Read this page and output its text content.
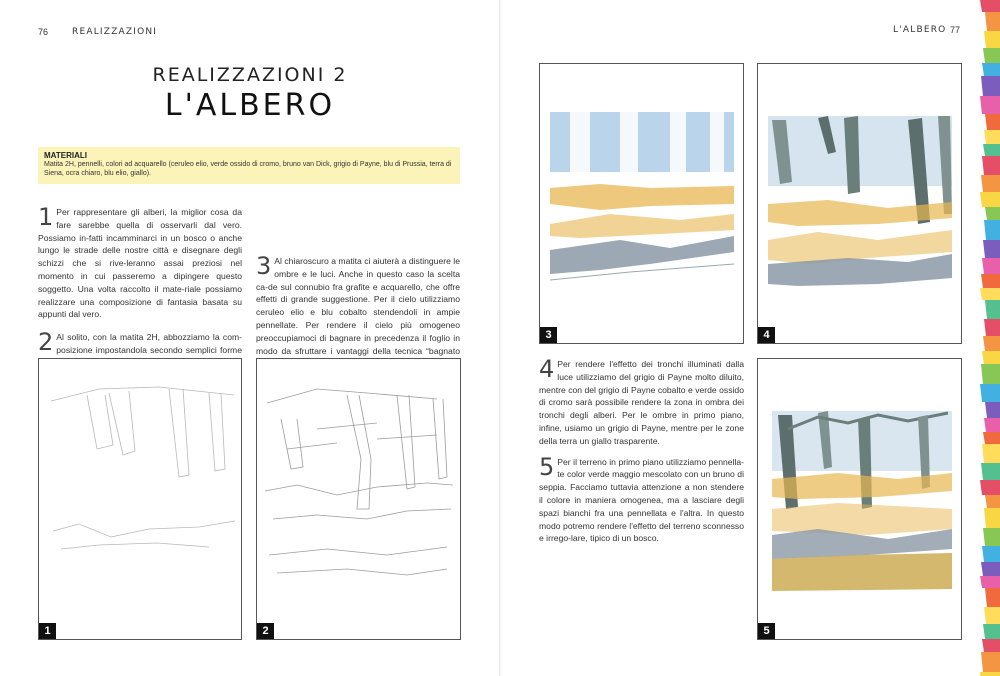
76	REALIZZAZIONI	L'ALBERO 77
REALIZZAZIONI 2
L'ALBERO
MATERIALI
Matita 2H, pennelli, colori ad acquarello (ceruleo elio, verde ossido di cromo, bruno van Dick, grigio di Payne, blu di Prussia, terra di Siena, ocra chiaro, blu elio, giallo).
1 Per rappresentare gli alberi, la miglior cosa da fare sarebbe quella di osservarli dal vero. Possiamo in-fatti incamminarci in un bosco o anche lungo le strade delle nostre città e disegnare degli schizzi che si rive-leranno assai preziosi nel momento in cui passeremo a dipingere questo soggetto. Una volta raccolto il mate-riale possiamo realizzare una composizione di fantasia basata su appunti dal vero.
2 Al solito, con la matita 2H, abbozziamo la com-posizione impostandola secondo semplici forme
3 Al chiaroscuro a matita ci aiuterà a distinguere le ombre e le luci. Anche in questo caso la scelta ca-de sul connubio fra grafite e acquarello, che offre effetti di grande suggestione. Per il cielo utilizziamo ceruleo elio e blu cobalto stendendoli in ampie pennellate. Per rendere il cielo più omogeneo preoccupiamoci di bagnare in precedenza il foglio in modo da sfruttare i vantaggi della tecnica “bagnato
4 Per rendere l'effetto dei tronchi illuminati dalla luce utilizziamo del grigio di Payne molto diluito, mentre con del grigio di Payne cobalto e verde ossido di cromo sarà possibile rendere la zona in ombra dei tronchi degli alberi. Per le ombre in primo piano, infine, usiamo un grigio di Payne, mentre per le zone della terra un giallo trasparente.
5 Per il terreno in primo piano utilizziamo pennella-te color verde maggio mescolato con un bruno di seppia. Facciamo tuttavia attenzione a non stendere il colore in maniera omogenea, ma a lasciare degli spazi bianchi fra una pennellata e l'altra. In questo modo potremo rendere l'effetto del terreno sconnesso e irrego-lare, tipico di un bosco.
1	2
3	4
5
